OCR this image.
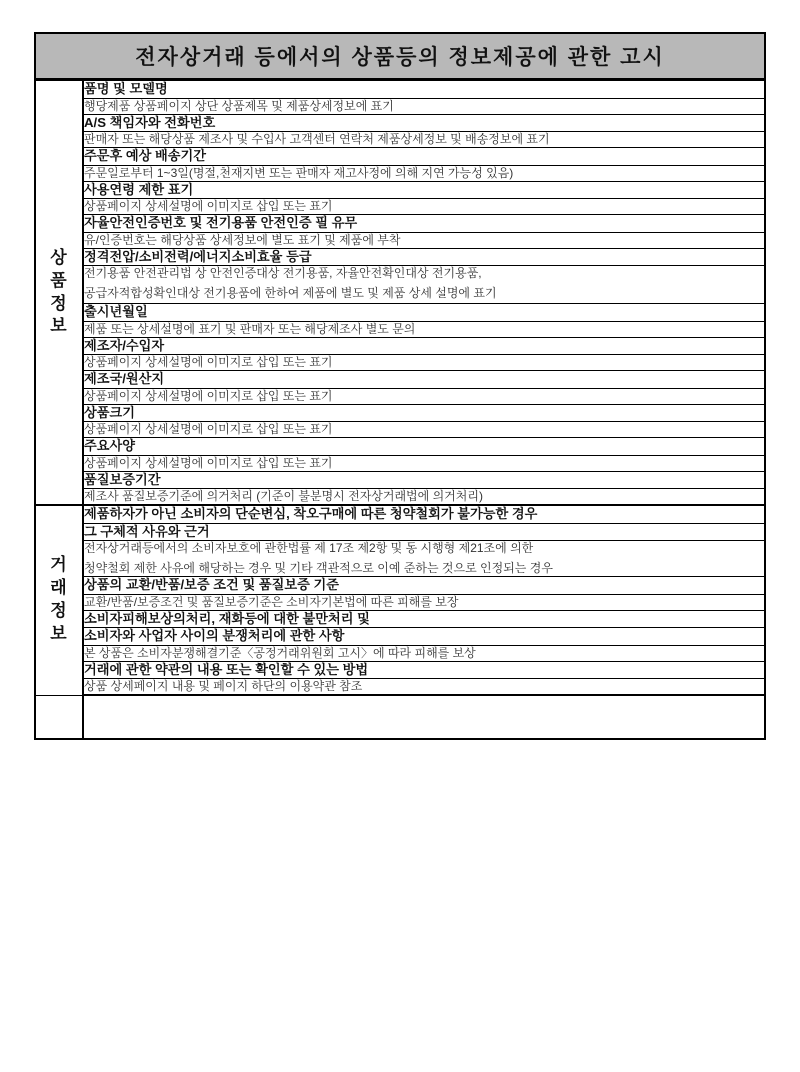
전자상거래 등에서의 상품등의 정보제공에 관한 고시
상
품
정
보	품명 및 모델명
	행당제품 상품페이지 상단 상품제목 및 제품상세정보에 표기
	A/S 책임자와 전화번호
	판매자 또는 해당상품 제조사 및 수입사 고객센터 연락처 제품상세정보 및 배송정보에 표기
	주문후 예상 배송기간
	주문일로부터 1~3일(명절,천재지변 또는 판매자 재고사정에 의해 지연 가능성 있음)
	사용연령 제한 표기
	상품페이지 상세설명에 이미지로 삽입 또는 표기
	자율안전인증번호 및 전기용품 안전인증 필 유무
	유/인증번호는 해당상품 상세정보에 별도 표기 및 제품에 부착
	정격전압/소비전력/에너지소비효율 등급

	전기용품 안전관리법 상 안전인증대상 전기용품, 자율안전확인대상 전기용품,
공급자적합성확인대상 전기용품에 한하여 제품에 별도 및 제품 상세 설명에 표기

	출시년월일
	제품 또는 상세설명에 표기 및 판매자 또는 해당제조사 별도 문의
	제조자/수입자
	상품페이지 상세설명에 이미지로 삽입 또는 표기
	제조국/원산지
	상품페이지 상세설명에 이미지로 삽입 또는 표기
	상품크기
	상품페이지 상세설명에 이미지로 삽입 또는 표기
	주요사양
	상품페이지 상세설명에 이미지로 삽입 또는 표기
	품질보증기간
	제조사 품질보증기준에 의거처리 (기준이 불분명시 전자상거래법에 의거처리)

거
래
정
보	제품하자가 아닌 소비자의 단순변심, 착오구매에 따른 청약철회가 불가능한 경우
	그 구체적 사유와 근거

	전자상거래등에서의 소비자보호에 관한법률 제 17조 제2항 및 동 시행형 제21조에 의한
청약철회 제한 사유에 해당하는 경우 및 기타 객관적으로 이예 준하는 것으로 인정되는 경우

	상품의 교환/반품/보증 조건 및 품질보증 기준
	교환/반품/보증조건 및 품질보증기준은 소비자기본법에 따른 피해를 보장
	소비자피해보상의처리, 재화등에 대한 불만처리 및
	소비자와 사업자 사이의 분쟁처리에 관한 사항
	본 상품은 소비자분쟁해결기준〈공정거래위원회 고시〉에 따라 피해를 보상
	거래에 관한 약관의 내용 또는 확인할 수 있는 방법
	상품 상세페이지 내용 및 페이지 하단의 이용약관 참조
